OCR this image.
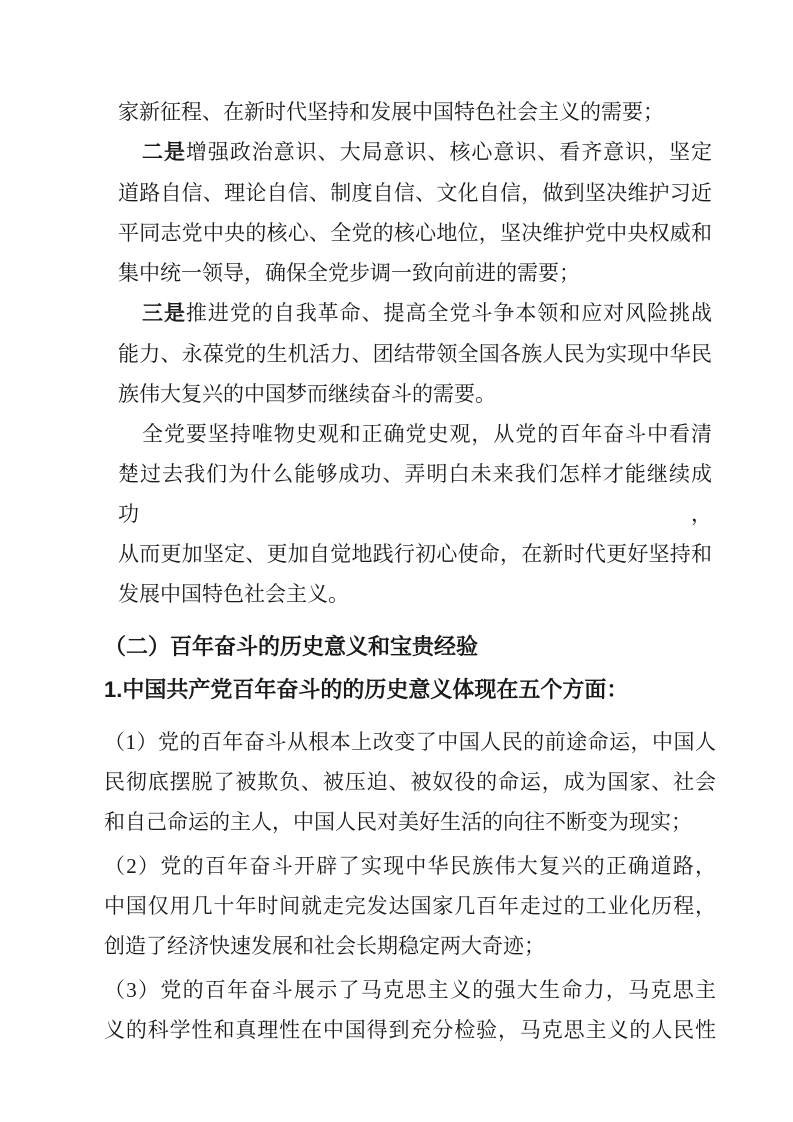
家新征程、在新时代坚持和发展中国特色社会主义的需要；
二是增强政治意识、大局意识、核心意识、看齐意识，坚定
道路自信、理论自信、制度自信、文化自信，做到坚决维护习近
平同志党中央的核心、全党的核心地位，坚决维护党中央权威和
集中统一领导，确保全党步调一致向前进的需要；
三是推进党的自我革命、提高全党斗争本领和应对风险挑战
能力、永葆党的生机活力、团结带领全国各族人民为实现中华民
族伟大复兴的中国梦而继续奋斗的需要。
全党要坚持唯物史观和正确党史观，从党的百年奋斗中看清
楚过去我们为什么能够成功、弄明白未来我们怎样才能继续成功，
从而更加坚定、更加自觉地践行初心使命，在新时代更好坚持和
发展中国特色社会主义。
（二）百年奋斗的历史意义和宝贵经验
1.中国共产党百年奋斗的的历史意义体现在五个方面：
（1）党的百年奋斗从根本上改变了中国人民的前途命运，中国人
民彻底摆脱了被欺负、被压迫、被奴役的命运，成为国家、社会
和自己命运的主人，中国人民对美好生活的向往不断变为现实；
（2）党的百年奋斗开辟了实现中华民族伟大复兴的正确道路，
中国仅用几十年时间就走完发达国家几百年走过的工业化历程，
创造了经济快速发展和社会长期稳定两大奇迹；
（3）党的百年奋斗展示了马克思主义的强大生命力，马克思主
义的科学性和真理性在中国得到充分检验，马克思主义的人民性
